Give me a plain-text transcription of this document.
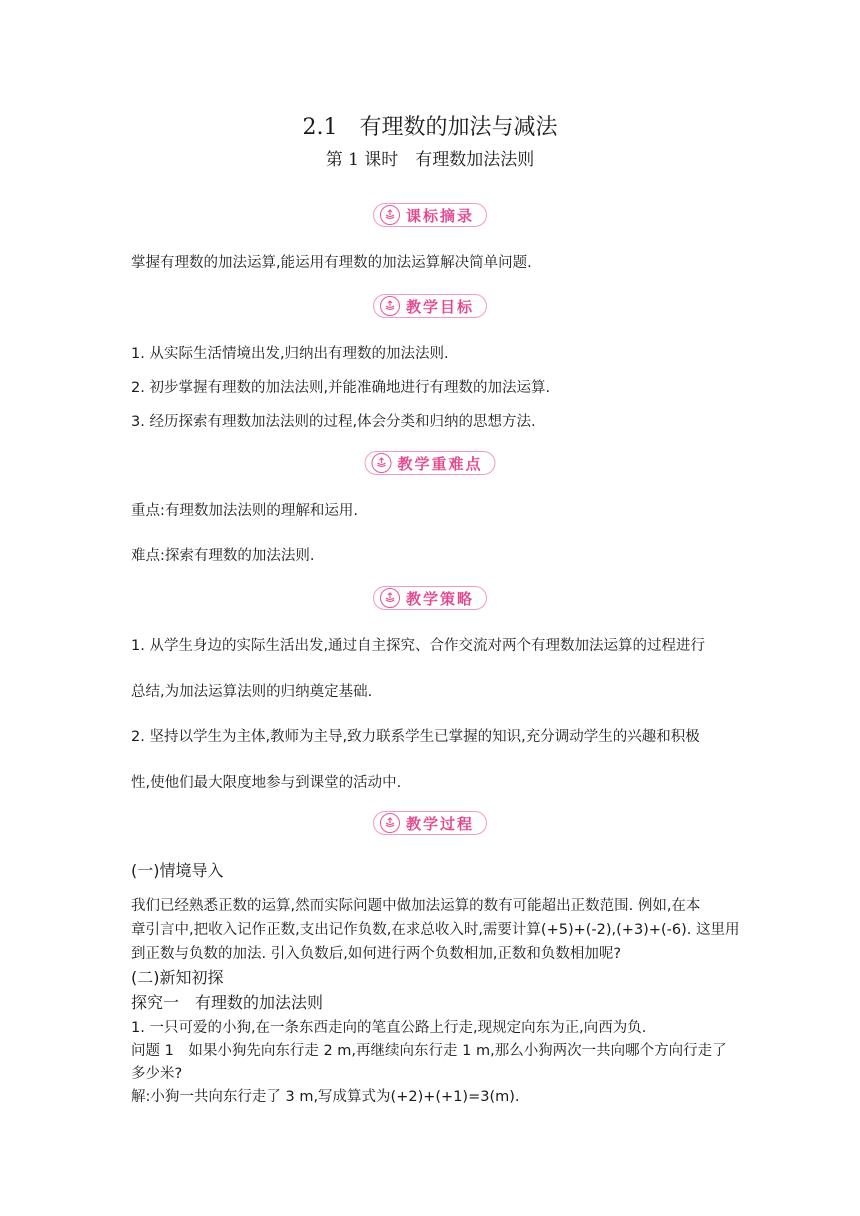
2.1　有理数的加法与减法
第 1 课时　有理数加法法则
课标摘录
掌握有理数的加法运算,能运用有理数的加法运算解决简单问题.
教学目标
1. 从实际生活情境出发,归纳出有理数的加法法则.
2. 初步掌握有理数的加法法则,并能准确地进行有理数的加法运算.
3. 经历探索有理数加法法则的过程,体会分类和归纳的思想方法.
教学重难点
重点:有理数加法法则的理解和运用.
难点:探索有理数的加法法则.
教学策略
1. 从学生身边的实际生活出发,通过自主探究、合作交流对两个有理数加法运算的过程进行
总结,为加法运算法则的归纳奠定基础.
2. 坚持以学生为主体,教师为主导,致力联系学生已掌握的知识,充分调动学生的兴趣和积极
性,使他们最大限度地参与到课堂的活动中.
教学过程
(一)情境导入
我们已经熟悉正数的运算,然而实际问题中做加法运算的数有可能超出正数范围. 例如,在本
章引言中,把收入记作正数,支出记作负数,在求总收入时,需要计算(+5)+(-2),(+3)+(-6). 这里用
到正数与负数的加法. 引入负数后,如何进行两个负数相加,正数和负数相加呢?
(二)新知初探
探究一　有理数的加法法则
1. 一只可爱的小狗,在一条东西走向的笔直公路上行走,现规定向东为正,向西为负.
问题 1　如果小狗先向东行走 2 m,再继续向东行走 1 m,那么小狗两次一共向哪个方向行走了
多少米?
解:小狗一共向东行走了 3 m,写成算式为(+2)+(+1)=3(m).
